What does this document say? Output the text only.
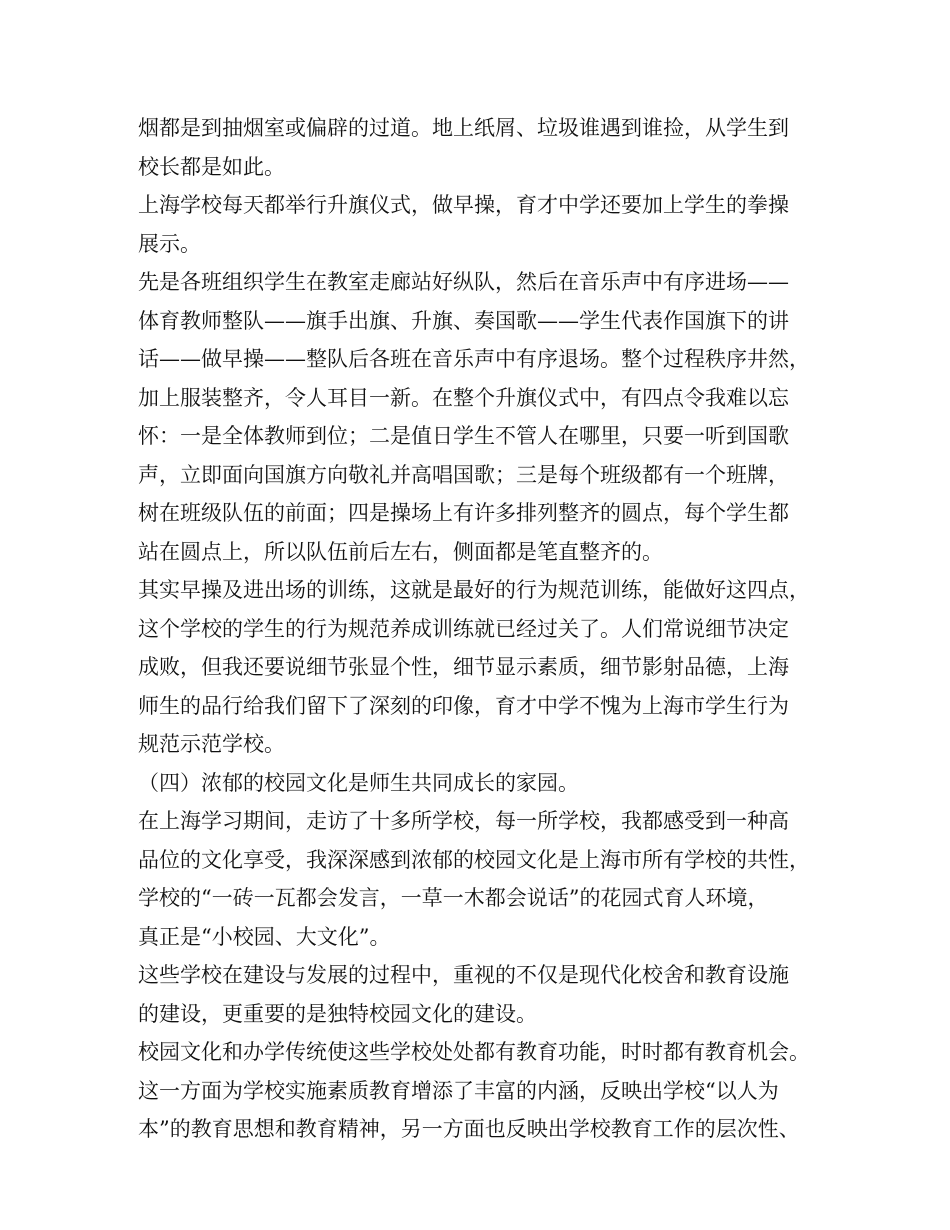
烟都是到抽烟室或偏辟的过道。地上纸屑、垃圾谁遇到谁捡，从学生到
校长都是如此。
上海学校每天都举行升旗仪式，做早操，育才中学还要加上学生的拳操
展示。
先是各班组织学生在教室走廊站好纵队，然后在音乐声中有序进场——
体育教师整队——旗手出旗、升旗、奏国歌——学生代表作国旗下的讲
话——做早操——整队后各班在音乐声中有序退场。整个过程秩序井然，
加上服装整齐，令人耳目一新。在整个升旗仪式中，有四点令我难以忘
怀：一是全体教师到位；二是值日学生不管人在哪里，只要一听到国歌
声，立即面向国旗方向敬礼并高唱国歌；三是每个班级都有一个班牌，
树在班级队伍的前面；四是操场上有许多排列整齐的圆点，每个学生都
站在圆点上，所以队伍前后左右，侧面都是笔直整齐的。
其实早操及进出场的训练，这就是最好的行为规范训练，能做好这四点，
这个学校的学生的行为规范养成训练就已经过关了。人们常说细节决定
成败，但我还要说细节张显个性，细节显示素质，细节影射品德，上海
师生的品行给我们留下了深刻的印像，育才中学不愧为上海市学生行为
规范示范学校。
（四）浓郁的校园文化是师生共同成长的家园。
在上海学习期间，走访了十多所学校，每一所学校，我都感受到一种高
品位的文化享受，我深深感到浓郁的校园文化是上海市所有学校的共性，
学校的“一砖一瓦都会发言，一草一木都会说话”的花园式育人环境，
真正是“小校园、大文化”。
这些学校在建设与发展的过程中，重视的不仅是现代化校舍和教育设施
的建设，更重要的是独特校园文化的建设。
校园文化和办学传统使这些学校处处都有教育功能，时时都有教育机会。
这一方面为学校实施素质教育增添了丰富的内涵，反映出学校“以人为
本”的教育思想和教育精神，另一方面也反映出学校教育工作的层次性、
